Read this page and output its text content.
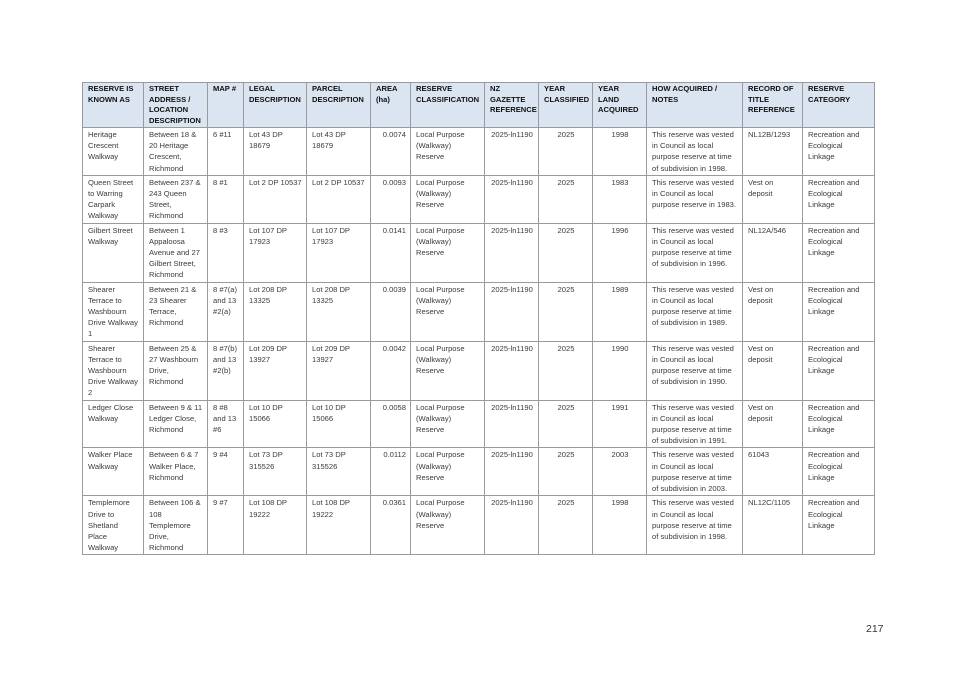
RESERVE IS KNOWN AS	STREET ADDRESS / LOCATION DESCRIPTION	MAP #	LEGAL DESCRIPTION	PARCEL DESCRIPTION	AREA (ha)	RESERVE CLASSIFICATION	NZ GAZETTE REFERENCE	YEAR CLASSIFIED	YEAR LAND ACQUIRED	HOW ACQUIRED / NOTES	RECORD OF TITLE REFERENCE	RESERVE CATEGORY
Heritage Crescent Walkway	Between 18 & 20 Heritage Crescent, Richmond	6 #11	Lot 43 DP 18679	Lot 43 DP 18679	0.0074	Local Purpose (Walkway) Reserve	2025-ln1190	2025	1998	This reserve was vested in Council as local purpose reserve at time of subdivision in 1998.	NL12B/1293	Recreation and Ecological Linkage
Queen Street to Warring Carpark Walkway	Between 237 & 243 Queen Street, Richmond	8 #1	Lot 2 DP 10537	Lot 2 DP 10537	0.0093	Local Purpose (Walkway) Reserve	2025-ln1190	2025	1983	This reserve was vested in Council as local purpose reserve in 1983.	Vest on deposit	Recreation and Ecological Linkage
Gilbert Street Walkway	Between 1 Appaloosa Avenue and 27 Gilbert Street, Richmond	8 #3	Lot 107 DP 17923	Lot 107 DP 17923	0.0141	Local Purpose (Walkway) Reserve	2025-ln1190	2025	1996	This reserve was vested in Council as local purpose reserve at time of subdivision in 1996.	NL12A/546	Recreation and Ecological Linkage
Shearer Terrace to Washbourn Drive Walkway 1	Between 21 & 23 Shearer Terrace, Richmond	8 #7(a) and 13 #2(a)	Lot 208 DP 13325	Lot 208 DP 13325	0.0039	Local Purpose (Walkway) Reserve	2025-ln1190	2025	1989	This reserve was vested in Council as local purpose reserve at time of subdivision in 1989.	Vest on deposit	Recreation and Ecological Linkage
Shearer Terrace to Washbourn Drive Walkway 2	Between 25 & 27 Washbourn Drive, Richmond	8 #7(b) and 13 #2(b)	Lot 209 DP 13927	Lot 209 DP 13927	0.0042	Local Purpose (Walkway) Reserve	2025-ln1190	2025	1990	This reserve was vested in Council as local purpose reserve at time of subdivision in 1990.	Vest on deposit	Recreation and Ecological Linkage
Ledger Close Walkway	Between 9 & 11 Ledger Close, Richmond	8 #8 and 13 #6	Lot 10 DP 15066	Lot 10 DP 15066	0.0058	Local Purpose (Walkway) Reserve	2025-ln1190	2025	1991	This reserve was vested in Council as local purpose reserve at time of subdivision in 1991.	Vest on deposit	Recreation and Ecological Linkage
Walker Place Walkway	Between 6 & 7 Walker Place, Richmond	9 #4	Lot 73 DP 315526	Lot 73 DP 315526	0.0112	Local Purpose (Walkway) Reserve	2025-ln1190	2025	2003	This reserve was vested in Council as local purpose reserve at time of subdivision in 2003.	61043	Recreation and Ecological Linkage
Templemore Drive to Shetland Place Walkway	Between 106 & 108 Templemore Drive, Richmond	9 #7	Lot 108 DP 19222	Lot 108 DP 19222	0.0361	Local Purpose (Walkway) Reserve	2025-ln1190	2025	1998	This reserve was vested in Council as local purpose reserve at time of subdivision in 1998.	NL12C/1105	Recreation and Ecological Linkage
217
